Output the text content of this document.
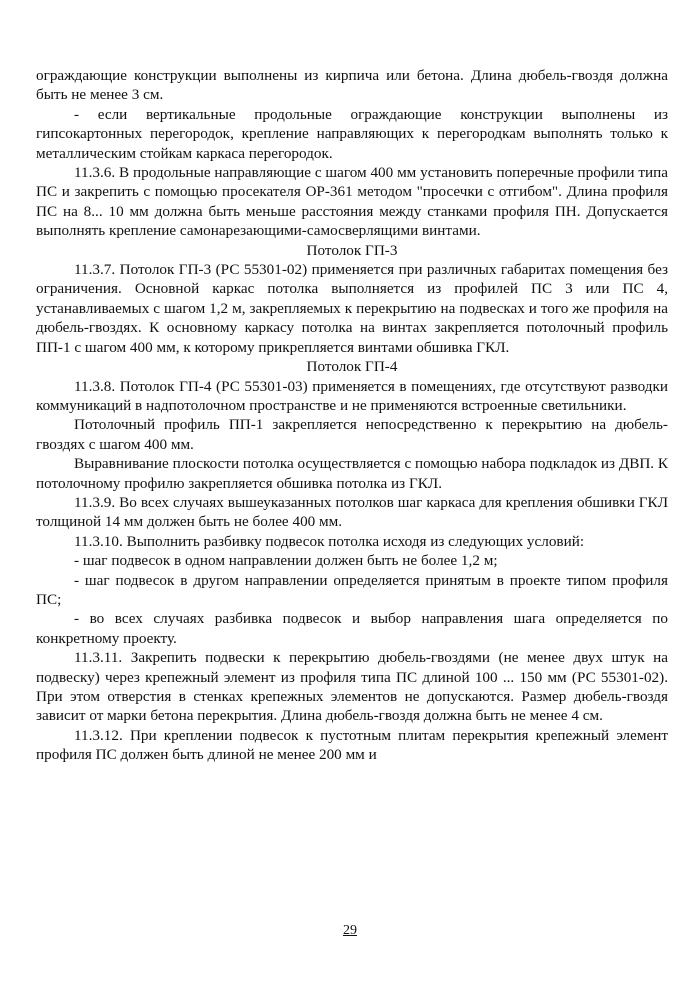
ограждающие конструкции выполнены из кирпича или бетона. Длина дюбель-гвоздя должна быть не менее 3 см.

- если вертикальные продольные ограждающие конструкции выполнены из гипсокартонных перегородок, крепление направляющих к перегородкам выполнять только к металлическим стойкам каркаса перегородок.

11.3.6. В продольные направляющие с шагом 400 мм установить поперечные профили типа ПС и закрепить с помощью просекателя ОР-361 методом "просечки с отгибом". Длина профиля ПС на 8... 10 мм должна быть меньше расстояния между станками профиля ПН. Допускается выполнять крепление самонарезающими-самосверлящими винтами.

Потолок ГП-3

11.3.7. Потолок ГП-3 (РС 55301-02) применяется при различных габаритах помещения без ограничения. Основной каркас потолка выполняется из профилей ПС 3 или ПС 4, устанавливаемых с шагом 1,2 м, закрепляемых к перекрытию на подвесках и того же профиля на дюбель-гвоздях. К основному каркасу потолка на винтах закрепляется потолочный профиль ПП-1 с шагом 400 мм, к которому прикрепляется винтами обшивка ГКЛ.

Потолок ГП-4

11.3.8. Потолок ГП-4 (РС 55301-03) применяется в помещениях, где отсутствуют разводки коммуникаций в надпотолочном пространстве и не применяются встроенные светильники.

Потолочный профиль ПП-1 закрепляется непосредственно к перекрытию на дюбель-гвоздях с шагом 400 мм.

Выравнивание плоскости потолка осуществляется с помощью набора подкладок из ДВП. К потолочному профилю закрепляется обшивка потолка из ГКЛ.

11.3.9. Во всех случаях вышеуказанных потолков шаг каркаса для крепления обшивки ГКЛ толщиной 14 мм должен быть не более 400 мм.

11.3.10. Выполнить разбивку подвесок потолка исходя из следующих условий:

- шаг подвесок в одном направлении должен быть не более 1,2 м;

- шаг подвесок в другом направлении определяется принятым в проекте типом профиля ПС;

- во всех случаях разбивка подвесок и выбор направления шага определяется по конкретному проекту.

11.3.11. Закрепить подвески к перекрытию дюбель-гвоздями (не менее двух штук на подвеску) через крепежный элемент из профиля типа ПС длиной 100 ... 150 мм (РС 55301-02). При этом отверстия в стенках крепежных элементов не допускаются. Размер дюбель-гвоздя зависит от марки бетона перекрытия. Длина дюбель-гвоздя должна быть не менее 4 см.

11.3.12. При креплении подвесок к пустотным плитам перекрытия крепежный элемент профиля ПС должен быть длиной не менее 200 мм и

29
